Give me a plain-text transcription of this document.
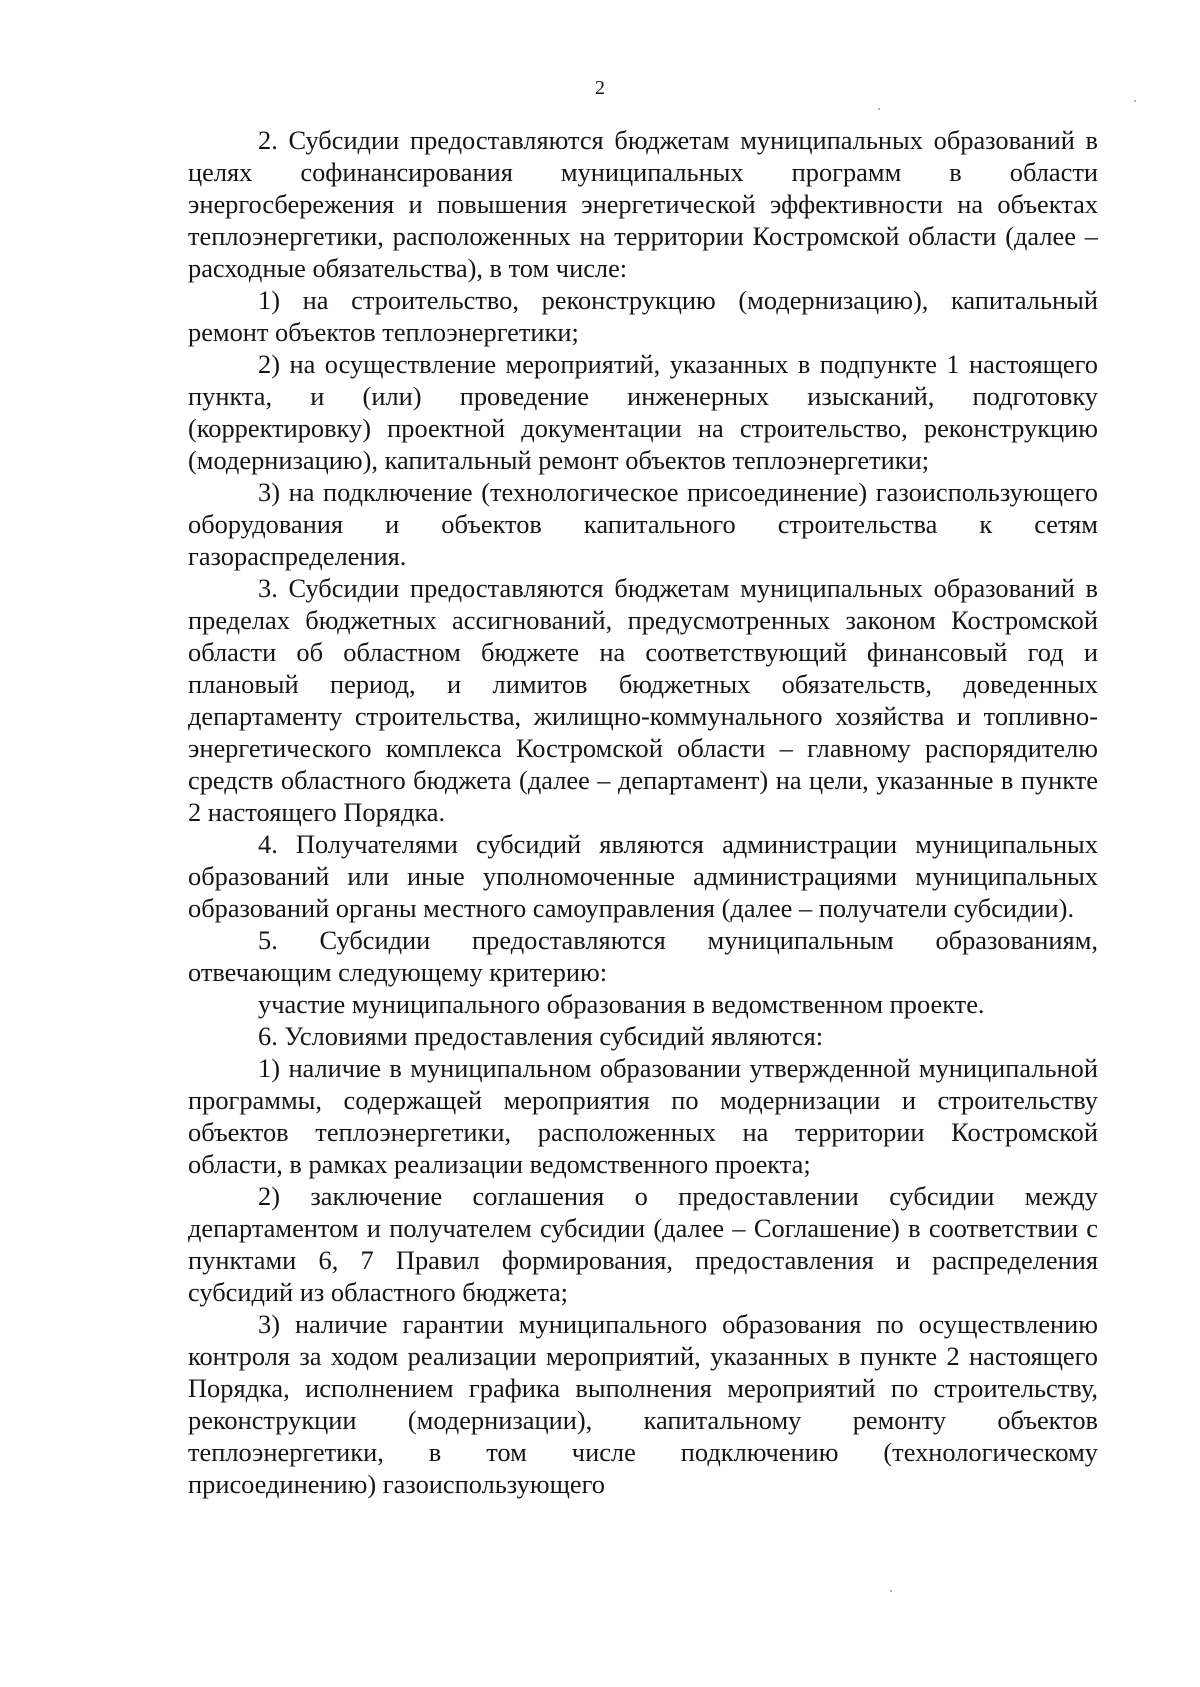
2

2. Субсидии предоставляются бюджетам муниципальных образований в целях софинансирования муниципальных программ в области энергосбережения и повышения энергетической эффективности на объектах теплоэнергетики, расположенных на территории Костромской области (далее – расходные обязательства), в том числе:

1) на строительство, реконструкцию (модернизацию), капитальный ремонт объектов теплоэнергетики;

2) на осуществление мероприятий, указанных в подпункте 1 настоящего пункта, и (или) проведение инженерных изысканий, подготовку (корректировку) проектной документации на строительство, реконструкцию (модернизацию), капитальный ремонт объектов теплоэнергетики;

3) на подключение (технологическое присоединение) газоиспользующего оборудования и объектов капитального строительства к сетям газораспределения.

3. Субсидии предоставляются бюджетам муниципальных образований в пределах бюджетных ассигнований, предусмотренных законом Костромской области об областном бюджете на соответствующий финансовый год и плановый период, и лимитов бюджетных обязательств, доведенных департаменту строительства, жилищно-коммунального хозяйства и топливно-энергетического комплекса Костромской области – главному распорядителю средств областного бюджета (далее – департамент) на цели, указанные в пункте 2 настоящего Порядка.

4. Получателями субсидий являются администрации муниципальных образований или иные уполномоченные администрациями муниципальных образований органы местного самоуправления (далее – получатели субсидии).

5. Субсидии предоставляются муниципальным образованиям, отвечающим следующему критерию:

участие муниципального образования в ведомственном проекте.

6. Условиями предоставления субсидий являются:

1) наличие в муниципальном образовании утвержденной муниципальной программы, содержащей мероприятия по модернизации и строительству объектов теплоэнергетики, расположенных на территории Костромской области, в рамках реализации ведомственного проекта;

2) заключение соглашения о предоставлении субсидии между департаментом и получателем субсидии (далее – Соглашение) в соответствии с пунктами 6, 7 Правил формирования, предоставления и распределения субсидий из областного бюджета;

3) наличие гарантии муниципального образования по осуществлению контроля за ходом реализации мероприятий, указанных в пункте 2 настоящего Порядка, исполнением графика выполнения мероприятий по строительству, реконструкции (модернизации), капитальному ремонту объектов теплоэнергетики, в том числе подключению (технологическому присоединению) газоиспользующего
